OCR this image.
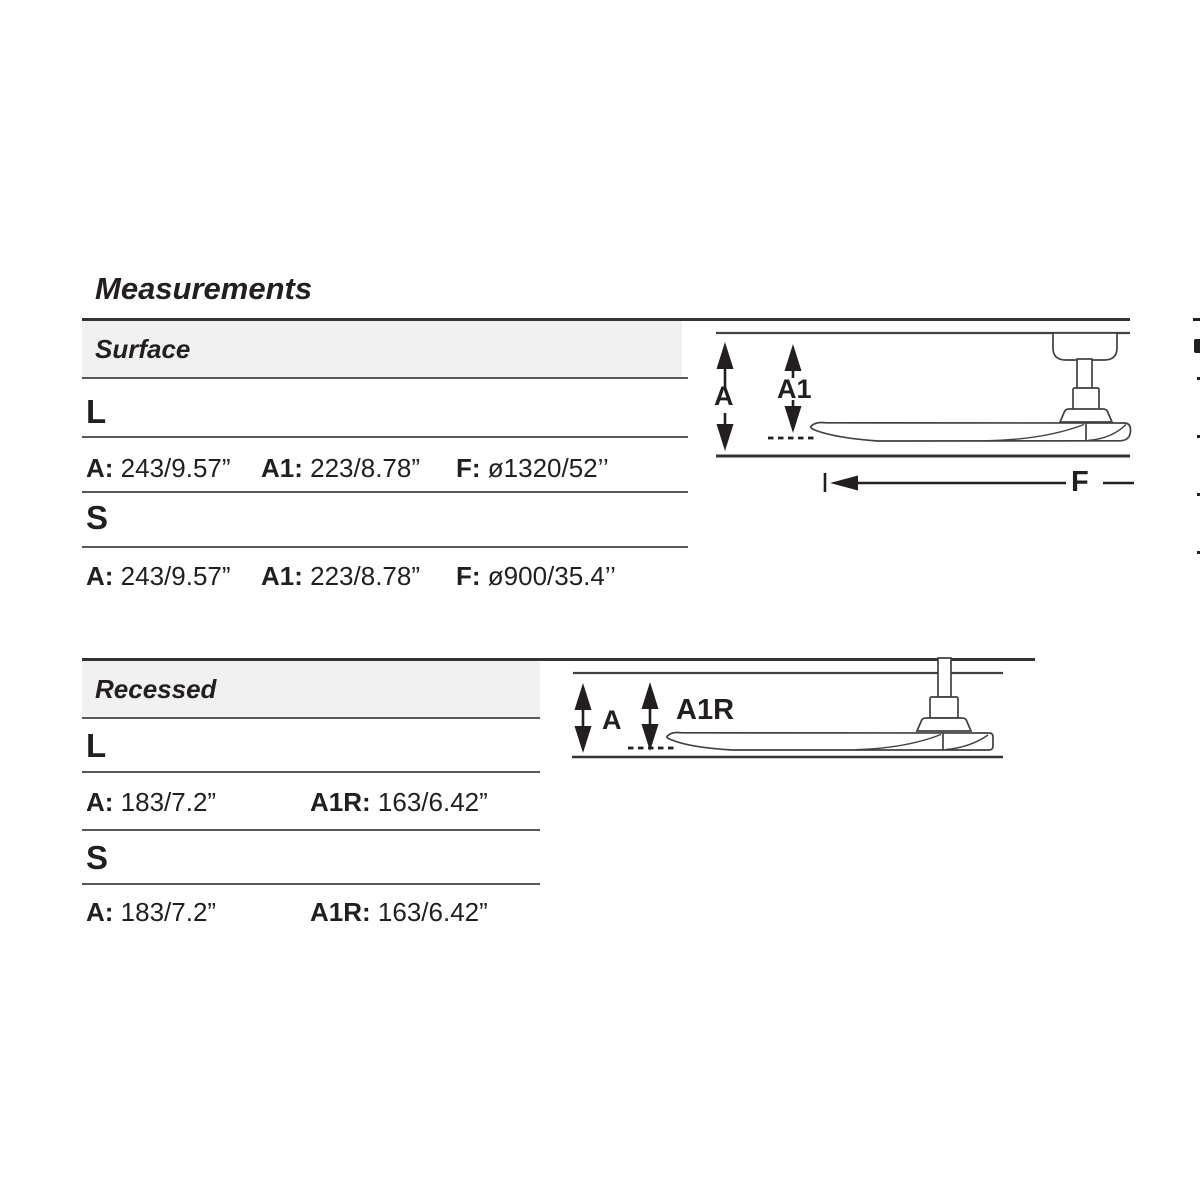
Measurements
Surface
L
A: 243/9.57” A1: 223/8.78” F: ø1320/52’’
S
A: 243/9.57” A1: 223/8.78” F: ø900/35.4’’
A A1
F
Recessed
L
A: 183/7.2”	A1R: 163/6.42”
S
A: 183/7.2”	A1R: 163/6.42”
A A1R
